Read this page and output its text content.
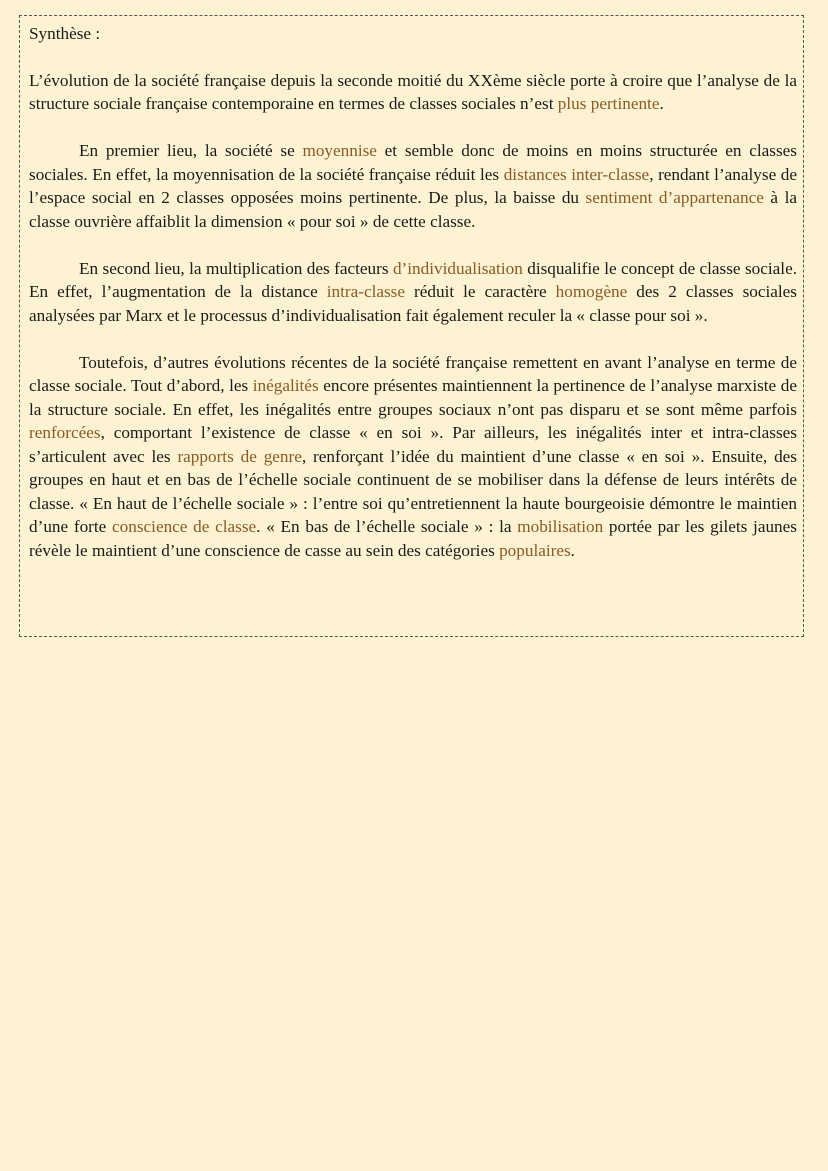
Synthèse :

L’évolution de la société française depuis la seconde moitié du XXème siècle porte à croire que l’analyse de la structure sociale française contemporaine en termes de classes sociales n’est plus pertinente.

En premier lieu, la société se moyennise et semble donc de moins en moins structurée en classes sociales. En effet, la moyennisation de la société française réduit les distances inter-classe, rendant l’analyse de l’espace social en 2 classes opposées moins pertinente. De plus, la baisse du sentiment d’appartenance à la classe ouvrière affaiblit la dimension « pour soi » de cette classe.

En second lieu, la multiplication des facteurs d’individualisation disqualifie le concept de classe sociale. En effet, l’augmentation de la distance intra-classe réduit le caractère homogène des 2 classes sociales analysées par Marx et le processus d’individualisation fait également reculer la « classe pour soi ».

Toutefois, d’autres évolutions récentes de la société française remettent en avant l’analyse en terme de classe sociale. Tout d’abord, les inégalités encore présentes maintiennent la pertinence de l’analyse marxiste de la structure sociale. En effet, les inégalités entre groupes sociaux n’ont pas disparu et se sont même parfois renforcées, comportant l’existence de classe « en soi ». Par ailleurs, les inégalités inter et intra-classes s’articulent avec les rapports de genre, renforçant l’idée du maintient d’une classe « en soi ». Ensuite, des groupes en haut et en bas de l’échelle sociale continuent de se mobiliser dans la défense de leurs intérêts de classe. « En haut de l’échelle sociale » : l’entre soi qu’entretiennent la haute bourgeoisie démontre le maintien d’une forte conscience de classe. « En bas de l’échelle sociale » : la mobilisation portée par les gilets jaunes révèle le maintient d’une conscience de casse au sein des catégories populaires.
